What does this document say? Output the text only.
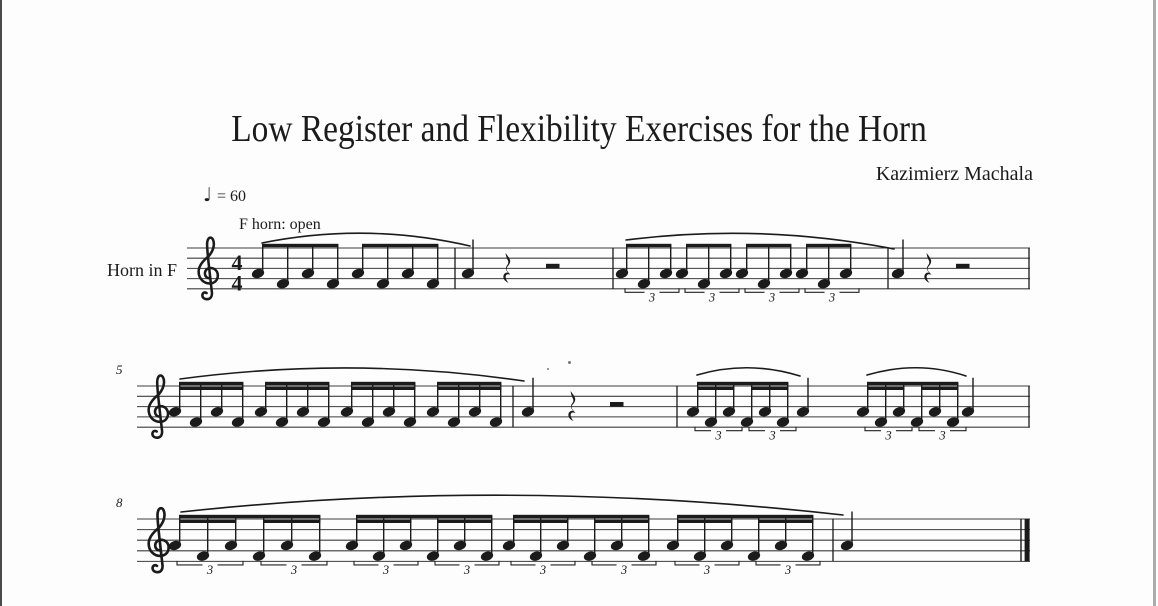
4
4
3	3	3	3
5
3	3	3	3
8
3	3	3	3	3	3	3	3
Low Register and Flexibility Exercises for the Horn
Kazimierz Machala
♩ = 60
F horn: open
Horn in F
